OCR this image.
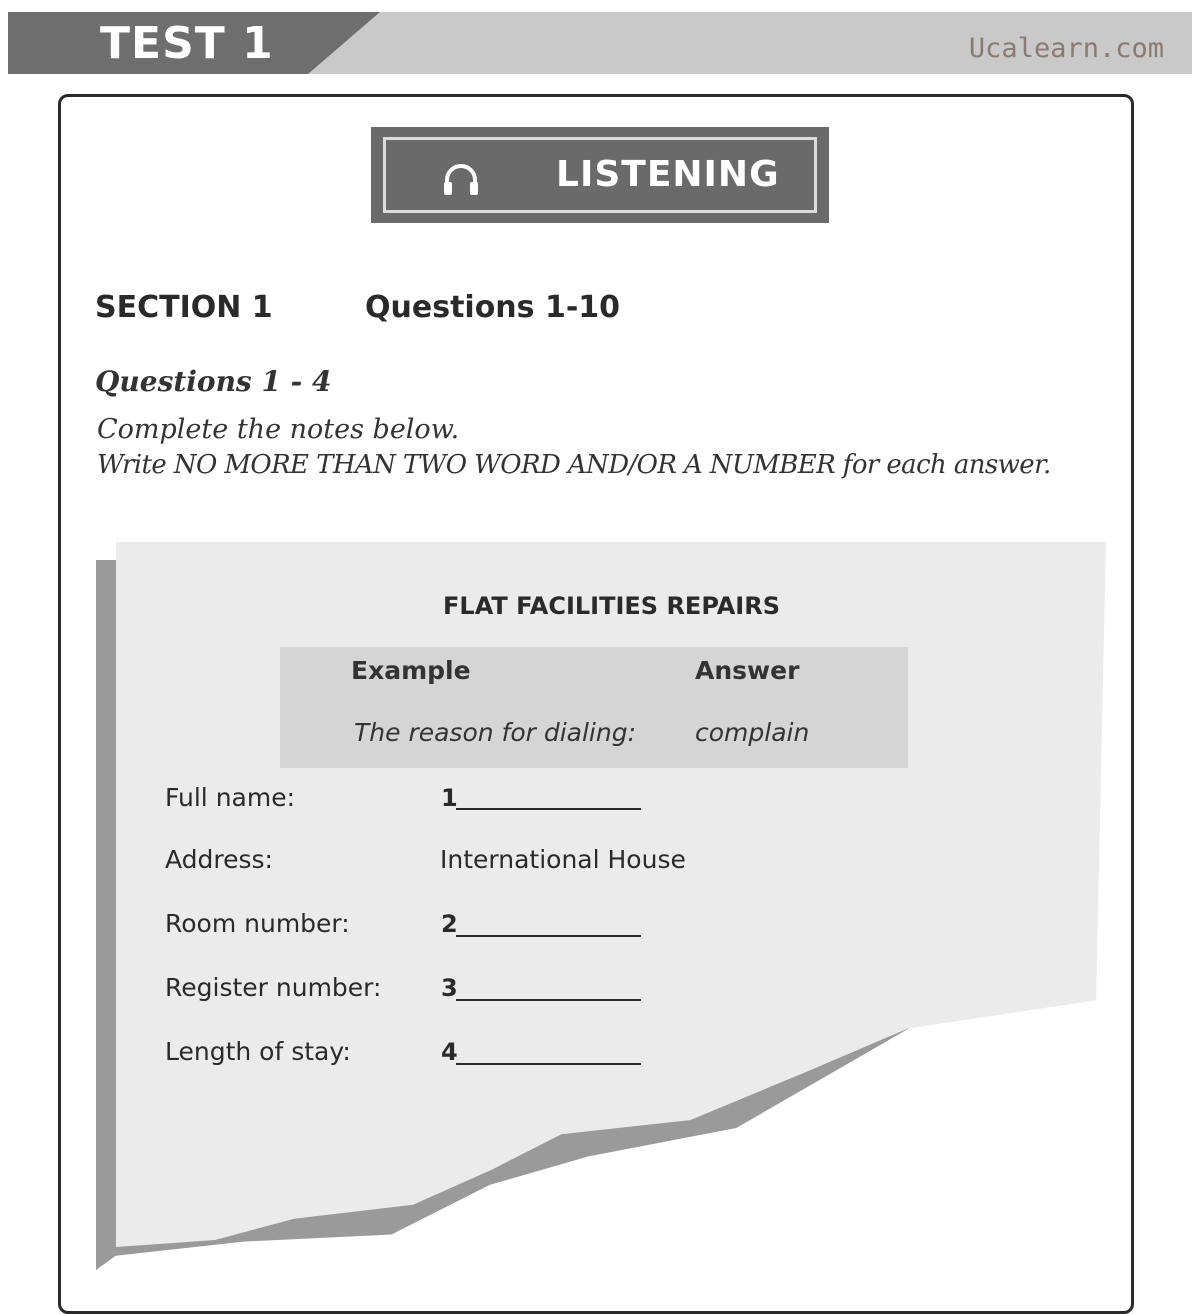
TEST 1	Ucalearn.com
LISTENING
SECTION 1	Questions 1-10
Questions 1 - 4
Complete the notes below.
Write NO MORE THAN TWO WORD AND/OR A NUMBER for each answer.
FLAT FACILITIES REPAIRS
Example	Answer
The reason for dialing: complain
Full name:	1
Address:	International House
Room number:	2
Register number: 3
Length of stay:	4
